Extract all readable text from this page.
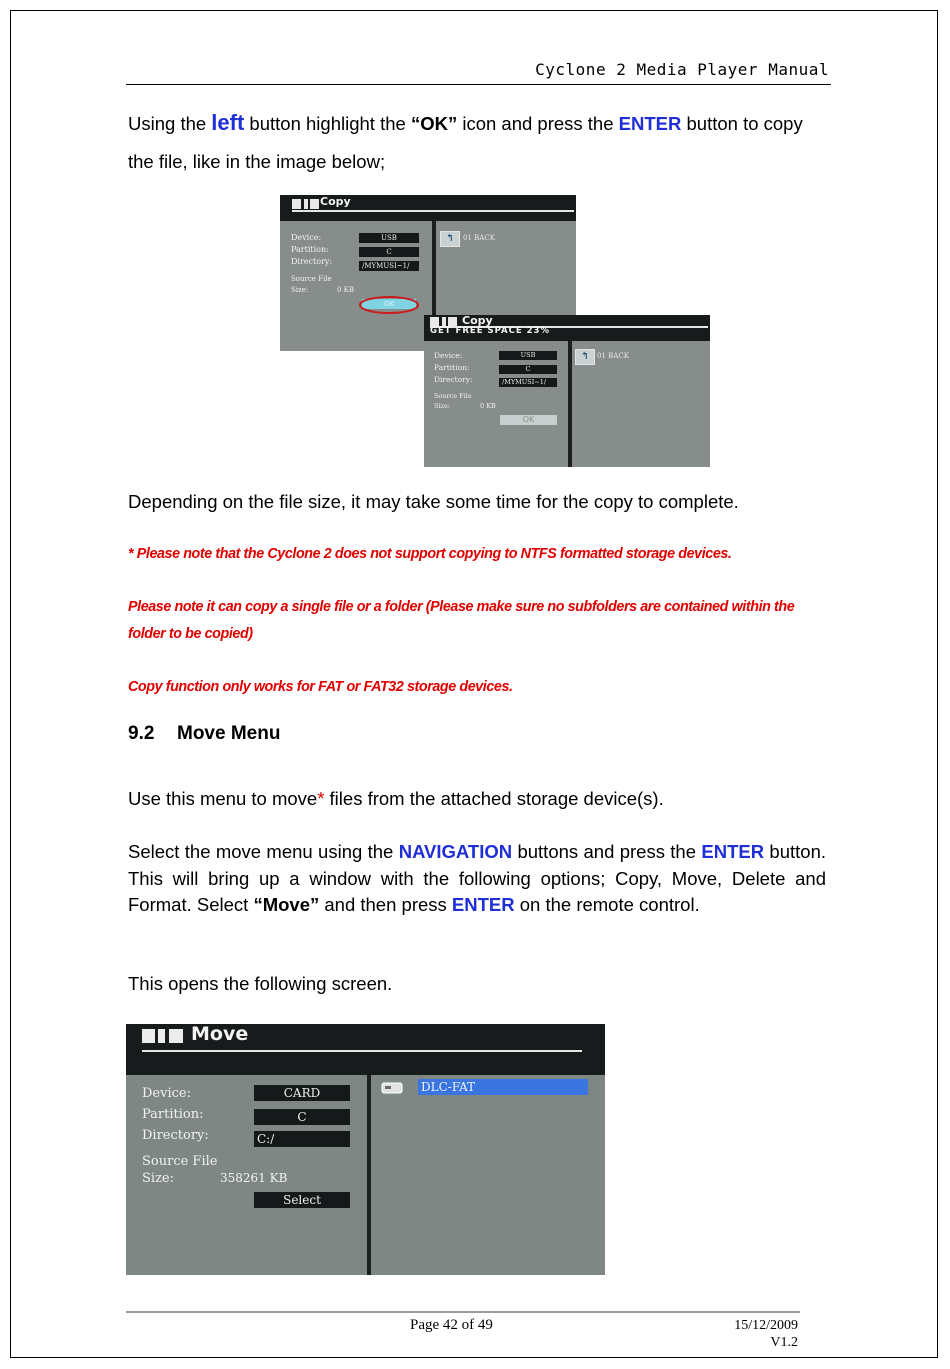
Cyclone 2 Media Player Manual
Using the left button highlight the “OK” icon and press the ENTER button to copy the file, like in the image below;
Copy
Device:	USB
Partition:	C
Directory:	/MYMUSI~1/
Source File
Size:	0 KB
OK
↰	01 BACK
Copy
GET FREE SPACE 23%
Device:	USB
Partition:	C
Directory:	/MYMUSI~1/
Source File
Size:	0 KB
OK
↰	01 BACK
Depending on the file size, it may take some time for the copy to complete.
* Please note that the Cyclone 2 does not support copying to NTFS formatted storage devices.
Please note it can copy a single file or a folder (Please make sure no subfolders are contained within the folder to be copied)
Copy function only works for FAT or FAT32 storage devices.
9.2 Move Menu
Use this menu to move* files from the attached storage device(s).
Select the move menu using the NAVIGATION buttons and press the ENTER button. This will bring up a window with the following options; Copy, Move, Delete and Format. Select “Move” and then press ENTER on the remote control.
This opens the following screen.
Move
Device:	CARD
Partition:	C
Directory:	C:/
Source File
Size:	358261 KB
Select
DLC-FAT
Page 42 of 49	15/12/2009
V1.2
